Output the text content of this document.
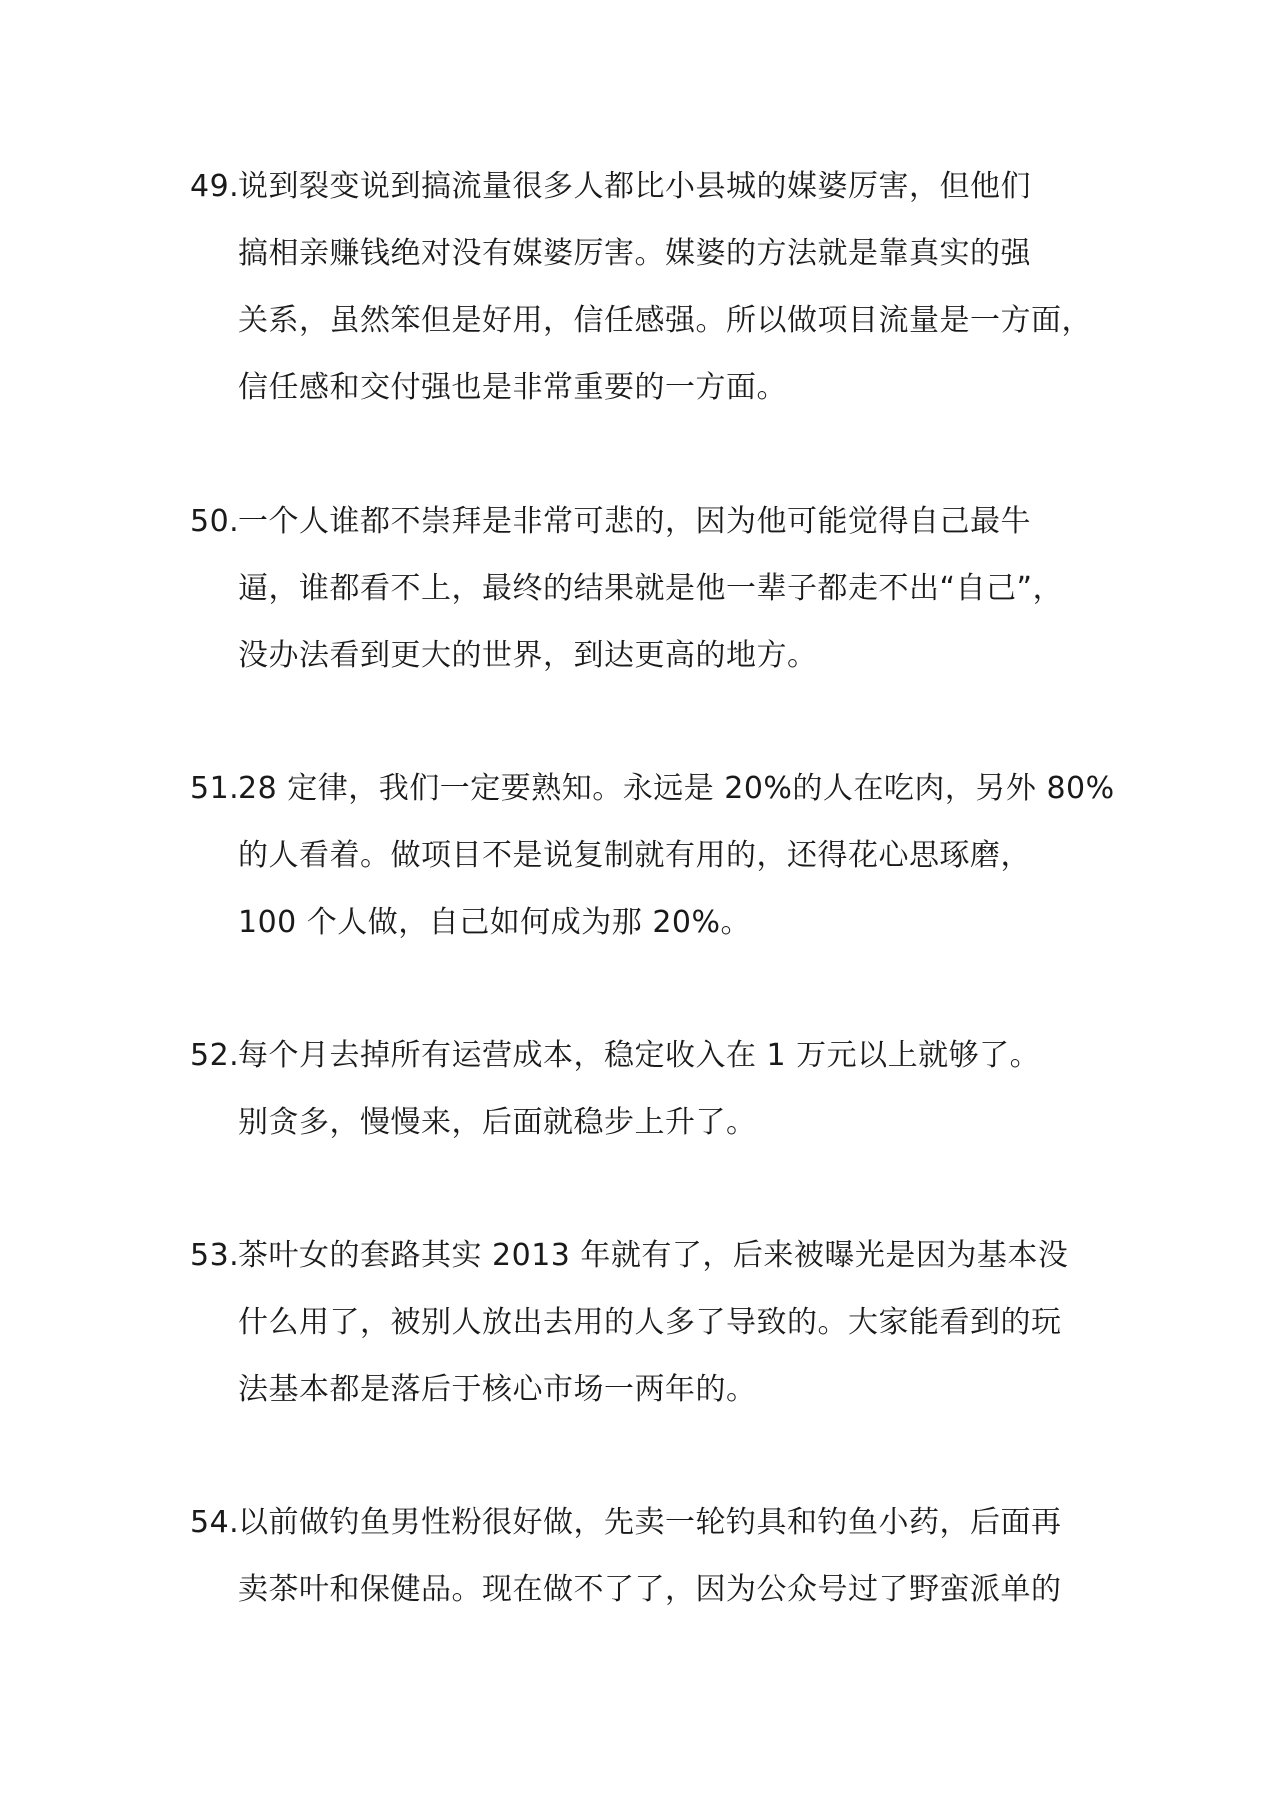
49.
说到裂变说到搞流量很多人都比小县城的媒婆厉害，但他们
搞相亲赚钱绝对没有媒婆厉害。媒婆的方法就是靠真实的强
关系，虽然笨但是好用，信任感强。所以做项目流量是一方面，
信任感和交付强也是非常重要的一方面。
50.
一个人谁都不崇拜是非常可悲的，因为他可能觉得自己最牛
逼，谁都看不上，最终的结果就是他一辈子都走不出“自己”，
没办法看到更大的世界，到达更高的地方。
51.
28 定律，我们一定要熟知。永远是 20%的人在吃肉，另外 80%
的人看着。做项目不是说复制就有用的，还得花心思琢磨，
100 个人做，自己如何成为那 20%。
52.
每个月去掉所有运营成本，稳定收入在 1 万元以上就够了。
别贪多，慢慢来，后面就稳步上升了。
53.
茶叶女的套路其实 2013 年就有了，后来被曝光是因为基本没
什么用了，被别人放出去用的人多了导致的。大家能看到的玩
法基本都是落后于核心市场一两年的。
54.
以前做钓鱼男性粉很好做，先卖一轮钓具和钓鱼小药，后面再
卖茶叶和保健品。现在做不了了，因为公众号过了野蛮派单的
